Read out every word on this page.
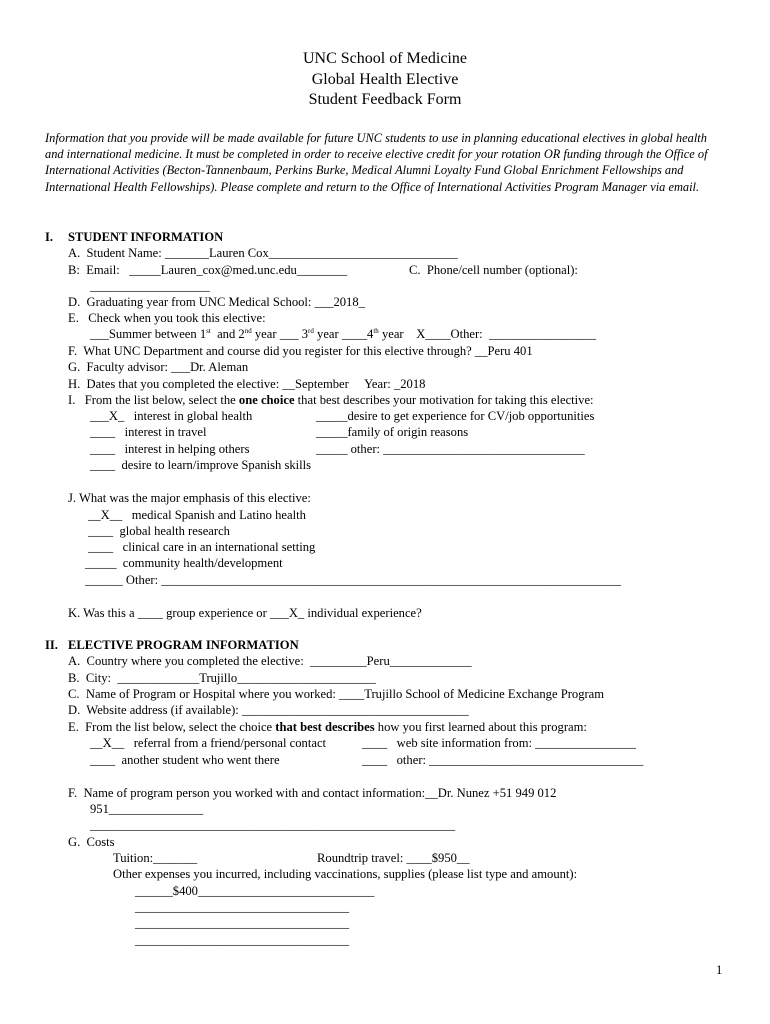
UNC School of Medicine
Global Health Elective
Student Feedback Form
Information that you provide will be made available for future UNC students to use in planning educational electives in global health and international medicine. It must be completed in order to receive elective credit for your rotation OR funding through the Office of International Activities (Becton-Tannenbaum, Perkins Burke, Medical Alumni Loyalty Fund Global Enrichment Fellowships and International Health Fellowships). Please complete and return to the Office of International Activities Program Manager via email.
I. STUDENT INFORMATION
A.  Student Name: _______Lauren Cox______________________________
B:  Email:   _____Lauren_cox@med.unc.edu________	C.  Phone/cell number (optional):
___________________
D.  Graduating year from UNC Medical School: ___2018_
E.   Check when you took this elective:
___Summer between 1st  and 2nd year ___ 3rd year ____4th year    X____Other:  _________________
F.  What UNC Department and course did you register for this elective through? __Peru 401
G.  Faculty advisor: ___Dr. Aleman
H.  Dates that you completed the elective: __September     Year: _2018
I.   From the list below, select the one choice that best describes your motivation for taking this elective:
___X_   interest in global health
____   interest in travel
____   interest in helping others
____  desire to learn/improve Spanish skills
_____desire to get experience for CV/job opportunities
_____family of origin reasons
_____ other: ________________________________
J. What was the major emphasis of this elective:
__X__   medical Spanish and Latino health
____  global health research
____   clinical care in an international setting
_____  community health/development
______ Other: _________________________________________________________________________
K. Was this a ____ group experience or ___X_ individual experience?
II. ELECTIVE PROGRAM INFORMATION
A.  Country where you completed the elective:  _________Peru_____________
B.  City:  _____________Trujillo______________________
C.  Name of Program or Hospital where you worked: ____Trujillo School of Medicine Exchange Program
D.  Website address (if available): ____________________________________
E.  From the list below, select the choice that best describes how you first learned about this program:
__X__   referral from a friend/personal contact
____  another student who went there
____   web site information from: ________________
____   other: __________________________________
F.  Name of program person you worked with and contact information:__Dr. Nunez +51 949 012
951_______________
__________________________________________________________
G.  Costs
Tuition:_______	Roundtrip travel: ____$950__
Other expenses you incurred, including vaccinations, supplies (please list type and amount):
______$400____________________________
__________________________________
__________________________________
__________________________________
1
